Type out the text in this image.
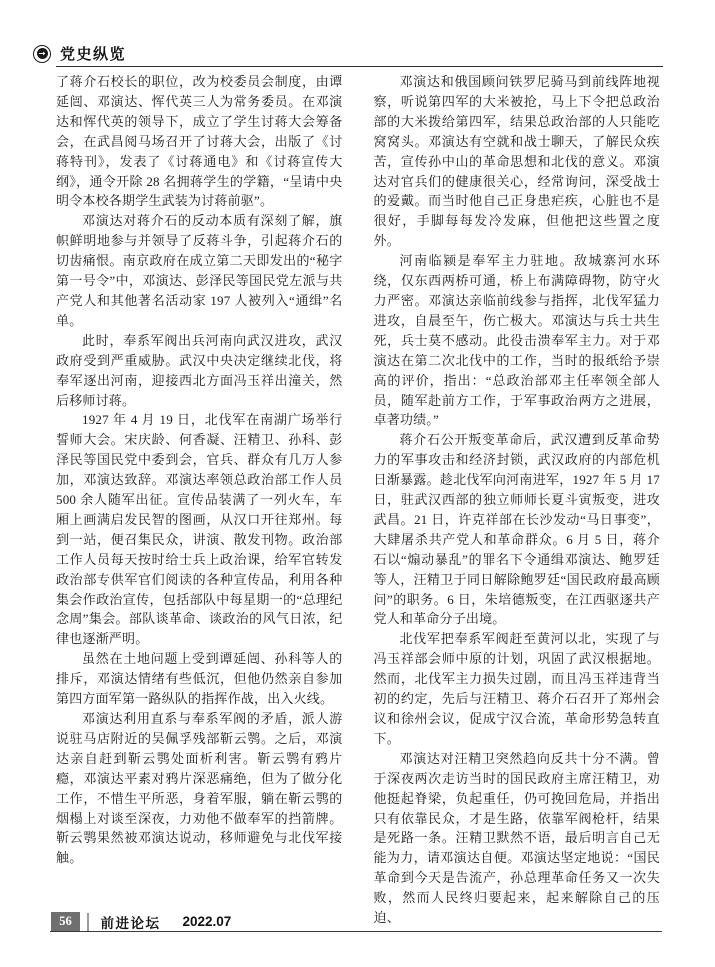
→ 党史纵览

了蒋介石校长的职位，改为校委员会制度，由谭延闿、邓演达、恽代英三人为常务委员。在邓演达和恽代英的领导下，成立了学生讨蒋大会筹备会，在武昌阅马场召开了讨蒋大会，出版了《讨蒋特刊》，发表了《讨蒋通电》和《讨蒋宣传大纲》，通令开除 28 名拥蒋学生的学籍，“呈请中央明令本校各期学生武装为讨蒋前驱”。

邓演达对蒋介石的反动本质有深刻了解，旗帜鲜明地参与并领导了反蒋斗争，引起蒋介石的切齿痛恨。南京政府在成立第二天即发出的“秘字第一号令”中，邓演达、彭泽民等国民党左派与共产党人和其他著名活动家 197 人被列入“通缉”名单。

此时，奉系军阀出兵河南向武汉进攻，武汉政府受到严重威胁。武汉中央决定继续北伐，将奉军逐出河南，迎接西北方面冯玉祥出潼关，然后移师讨蒋。

1927 年 4 月 19 日，北伐军在南湖广场举行誓师大会。宋庆龄、何香凝、汪精卫、孙科、彭泽民等国民党中委到会，官兵、群众有几万人参加，邓演达致辞。邓演达率领总政治部工作人员 500 余人随军出征。宣传品装满了一列火车，车厢上画满启发民智的图画，从汉口开往郑州。每到一站，便召集民众，讲演、散发刊物。政治部工作人员每天按时给士兵上政治课，给军官转发政治部专供军官们阅读的各种宣传品，利用各种集会作政治宣传，包括部队中每星期一的“总理纪念周”集会。部队谈革命、谈政治的风气日浓，纪律也逐渐严明。

虽然在土地问题上受到谭延闿、孙科等人的排斥，邓演达情绪有些低沉，但他仍然亲自参加第四方面军第一路纵队的指挥作战，出入火线。

邓演达利用直系与奉系军阀的矛盾，派人游说驻马店附近的吴佩孚残部靳云鹗。之后，邓演达亲自赶到靳云鹗处面析利害。靳云鹗有鸦片瘾，邓演达平素对鸦片深恶痛绝，但为了做分化工作，不惜生平所恶，身着军服，躺在靳云鹗的烟榻上对谈至深夜，力劝他不做奉军的挡箭牌。靳云鹗果然被邓演达说动，移师避免与北伐军接触。

邓演达和俄国顾问铁罗尼骑马到前线阵地视察，听说第四军的大米被抢，马上下令把总政治部的大米拨给第四军，结果总政治部的人只能吃窝窝头。邓演达有空就和战士聊天，了解民众疾苦，宣传孙中山的革命思想和北伐的意义。邓演达对官兵们的健康很关心，经常询问，深受战士的爱戴。而当时他自己正身患疟疾，心脏也不是很好，手脚每每发冷发麻，但他把这些置之度外。

河南临颍是奉军主力驻地。敌城寨河水环绕，仅东西两桥可通，桥上布满障碍物，防守火力严密。邓演达亲临前线参与指挥，北伐军猛力进攻，自晨至午，伤亡极大。邓演达与兵士共生死，兵士莫不感动。此役击溃奉军主力。对于邓演达在第二次北伐中的工作，当时的报纸给予崇高的评价，指出：“总政治部邓主任率领全部人员，随军赴前方工作，于军事政治两方之进展，卓著功绩。”

蒋介石公开叛变革命后，武汉遭到反革命势力的军事攻击和经济封锁，武汉政府的内部危机日渐暴露。趁北伐军向河南进军，1927 年 5 月 17 日，驻武汉西部的独立师师长夏斗寅叛变，进攻武昌。21 日，许克祥部在长沙发动“马日事变”，大肆屠杀共产党人和革命群众。6 月 5 日，蒋介石以“煽动暴乱”的罪名下令通缉邓演达、鲍罗廷等人，汪精卫于同日解除鲍罗廷“国民政府最高顾问”的职务。6 日，朱培德叛变，在江西驱逐共产党人和革命分子出境。

北伐军把奉系军阀赶至黄河以北，实现了与冯玉祥部会师中原的计划，巩固了武汉根据地。然而，北伐军主力损失过剧，而且冯玉祥违背当初的约定，先后与汪精卫、蒋介石召开了郑州会议和徐州会议，促成宁汉合流，革命形势急转直下。

邓演达对汪精卫突然趋向反共十分不满。曾于深夜两次走访当时的国民政府主席汪精卫，劝他挺起脊梁，负起重任，仍可挽回危局，并指出只有依靠民众，才是生路，依靠军阀枪杆，结果是死路一条。汪精卫默然不语，最后明言自己无能为力，请邓演达自便。邓演达坚定地说：“国民革命到今天是告流产，孙总理革命任务又一次失败，然而人民终归要起来，起来解除自己的压迫、

56	前进论坛 2022.07
